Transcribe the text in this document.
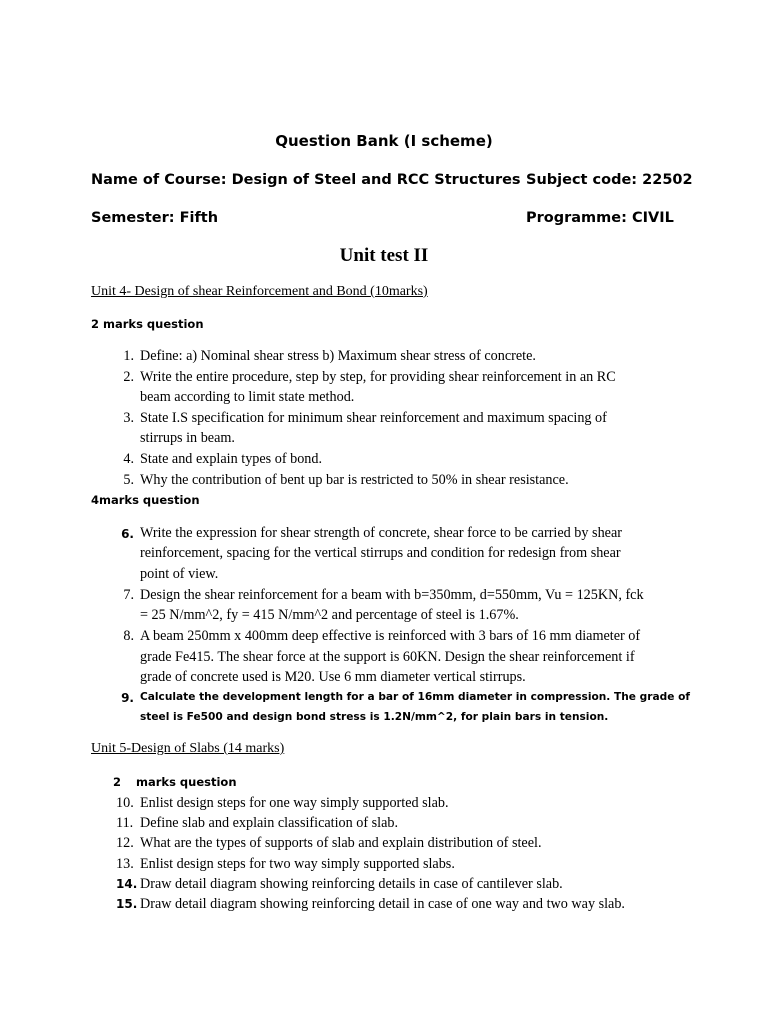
Question Bank (I scheme)
Name of Course: Design of Steel and RCC Structures Subject code: 22502
Semester: Fifth	Programme: CIVIL
Unit test II
Unit 4- Design of shear Reinforcement and Bond (10marks)
2 marks question
1. Define: a) Nominal shear stress b) Maximum shear stress of concrete.
2. Write the entire procedure, step by step, for providing shear reinforcement in an RC
beam according to limit state method.
3. State I.S specification for minimum shear reinforcement and maximum spacing of
stirrups in beam.
4. State and explain types of bond.
5. Why the contribution of bent up bar is restricted to 50% in shear resistance.
4marks question
6. Write the expression for shear strength of concrete, shear force to be carried by shear
reinforcement, spacing for the vertical stirrups and condition for redesign from shear
point of view.
7. Design the shear reinforcement for a beam with b=350mm, d=550mm, Vu = 125KN, fck
= 25 N/mm^2, fy = 415 N/mm^2 and percentage of steel is 1.67%.
8. A beam 250mm x 400mm deep effective is reinforced with 3 bars of 16 mm diameter of
grade Fe415. The shear force at the support is 60KN. Design the shear reinforcement if
grade of concrete used is M20. Use 6 mm diameter vertical stirrups.
9. Calculate the development length for a bar of 16mm diameter in compression. The grade of
steel is Fe500 and design bond stress is 1.2N/mm^2, for plain bars in tension.
Unit 5-Design of Slabs (14 marks)
2 marks question
10. Enlist design steps for one way simply supported slab.
11. Define slab and explain classification of slab.
12. What are the types of supports of slab and explain distribution of steel.
13. Enlist design steps for two way simply supported slabs.
14. Draw detail diagram showing reinforcing details in case of cantilever slab.
15. Draw detail diagram showing reinforcing detail in case of one way and two way slab.
